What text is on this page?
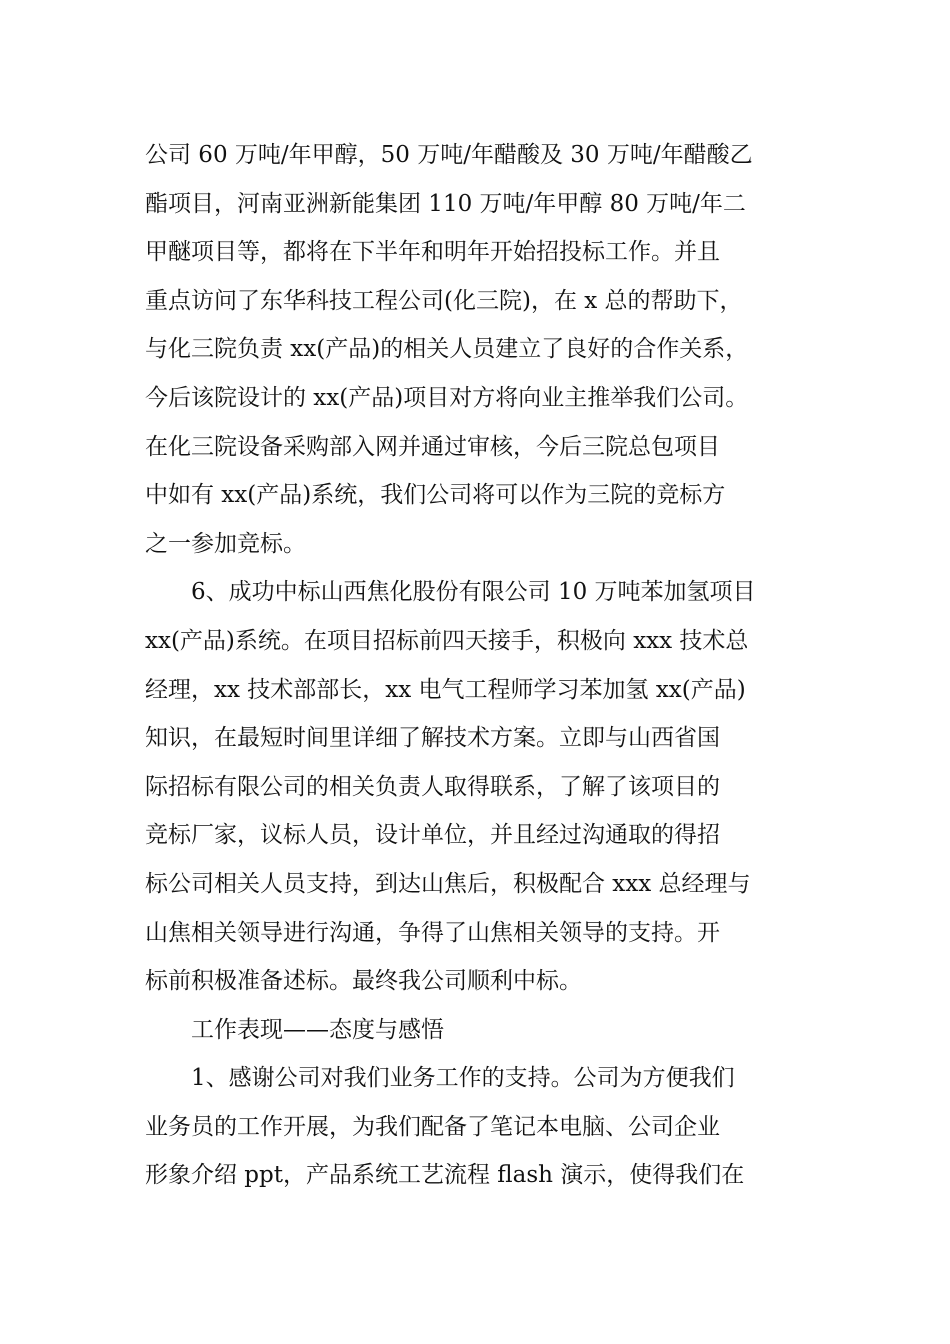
公司 60 万吨/年甲醇，50 万吨/年醋酸及 30 万吨/年醋酸乙
酯项目，河南亚洲新能集团 110 万吨/年甲醇 80 万吨/年二
甲醚项目等，都将在下半年和明年开始招投标工作。并且
重点访问了东华科技工程公司(化三院)，在 x 总的帮助下，
与化三院负责 xx(产品)的相关人员建立了良好的合作关系，
今后该院设计的 xx(产品)项目对方将向业主推举我们公司。
在化三院设备采购部入网并通过审核，今后三院总包项目
中如有 xx(产品)系统，我们公司将可以作为三院的竞标方
之一参加竞标。
6、成功中标山西焦化股份有限公司 10 万吨苯加氢项目
xx(产品)系统。在项目招标前四天接手，积极向 xxx 技术总
经理，xx 技术部部长，xx 电气工程师学习苯加氢 xx(产品)
知识，在最短时间里详细了解技术方案。立即与山西省国
际招标有限公司的相关负责人取得联系，了解了该项目的
竞标厂家，议标人员，设计单位，并且经过沟通取的得招
标公司相关人员支持，到达山焦后，积极配合 xxx 总经理与
山焦相关领导进行沟通，争得了山焦相关领导的支持。开
标前积极准备述标。最终我公司顺利中标。
工作表现——态度与感悟
1、感谢公司对我们业务工作的支持。公司为方便我们
业务员的工作开展，为我们配备了笔记本电脑、公司企业
形象介绍 ppt，产品系统工艺流程 flash 演示，使得我们在
